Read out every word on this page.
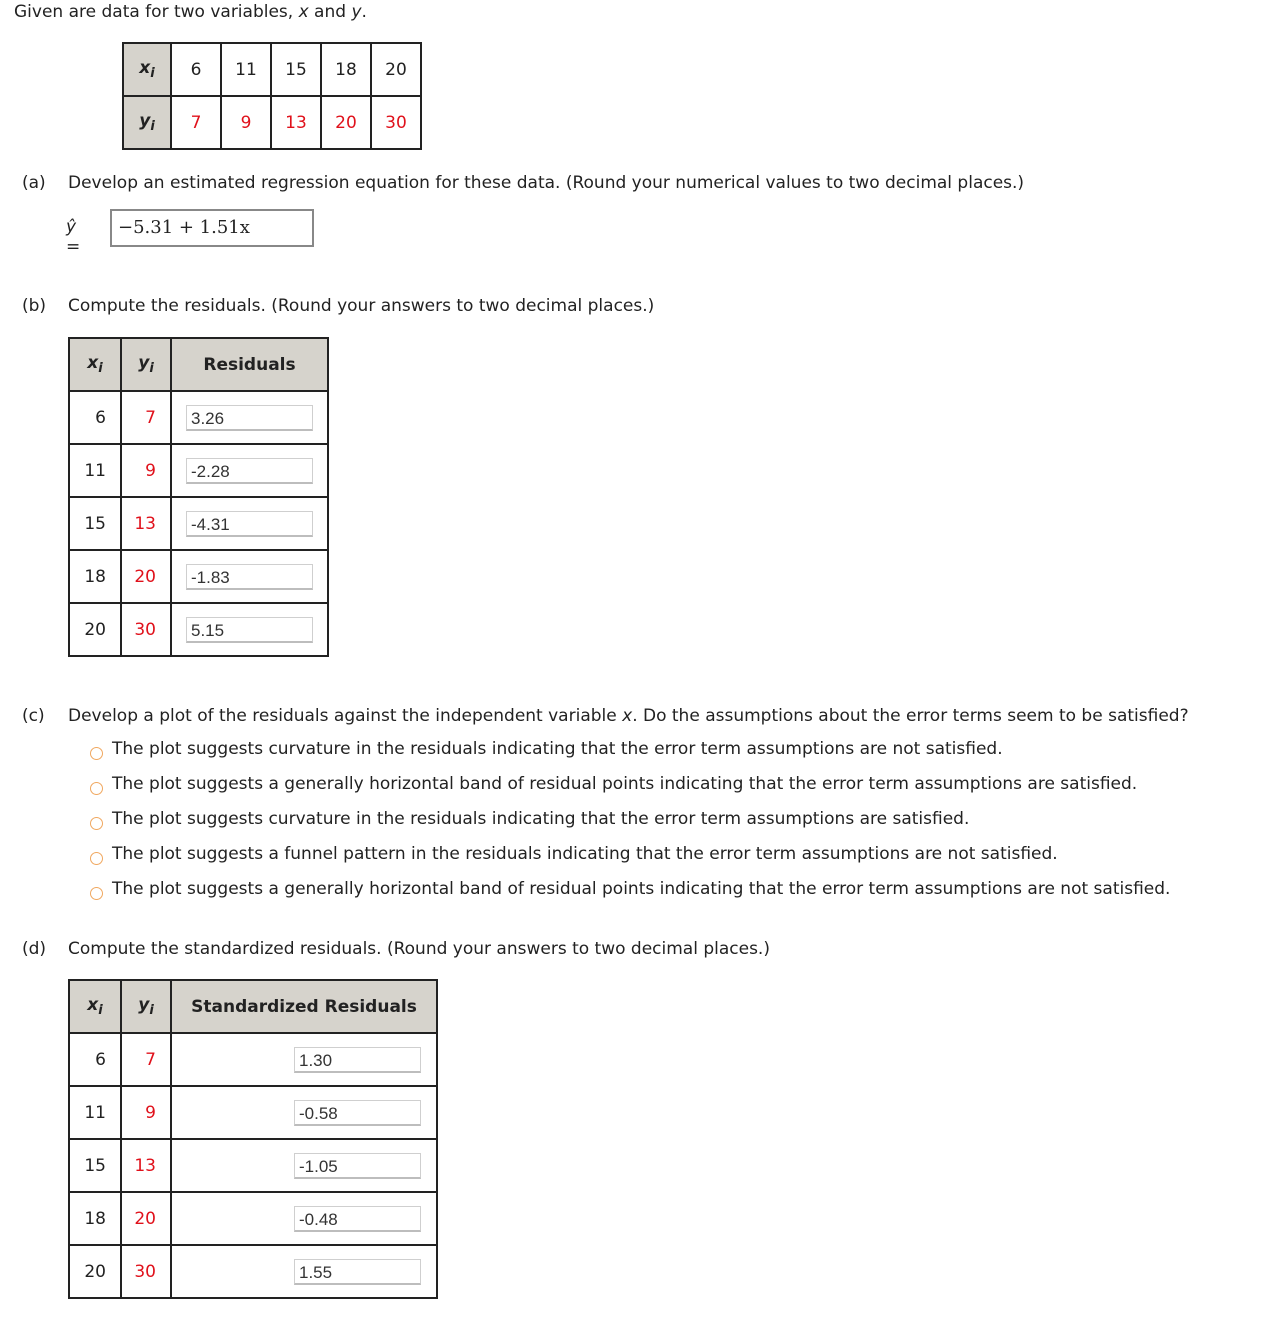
Given are data for two variables, x and y.
$x_i$	6	11	15	18	20
$y_i$	7	9	13	20	30
(a) Develop an estimated regression equation for these data. (Round your numerical values to two decimal places.)
ŷ =
−5.31 + 1.51x
(b) Compute the residuals. (Round your answers to two decimal places.)
$x_i$	$y_i$	Residuals
6	7	3.26

11	9	-2.28

15	13	-4.31

18	20	-1.83

20	30	5.15
(c) Develop a plot of the residuals against the independent variable x. Do the assumptions about the error terms seem to be satisfied?
The plot suggests curvature in the residuals indicating that the error term assumptions are not satisfied.
The plot suggests a generally horizontal band of residual points indicating that the error term assumptions are satisfied.
The plot suggests curvature in the residuals indicating that the error term assumptions are satisfied.
The plot suggests a funnel pattern in the residuals indicating that the error term assumptions are not satisfied.
The plot suggests a generally horizontal band of residual points indicating that the error term assumptions are not satisfied.
(d) Compute the standardized residuals. (Round your answers to two decimal places.)
$x_i$	$y_i$	Standardized Residuals
6	7	1.30

11	9	-0.58

15	13	-1.05

18	20	-0.48

20	30	1.55
